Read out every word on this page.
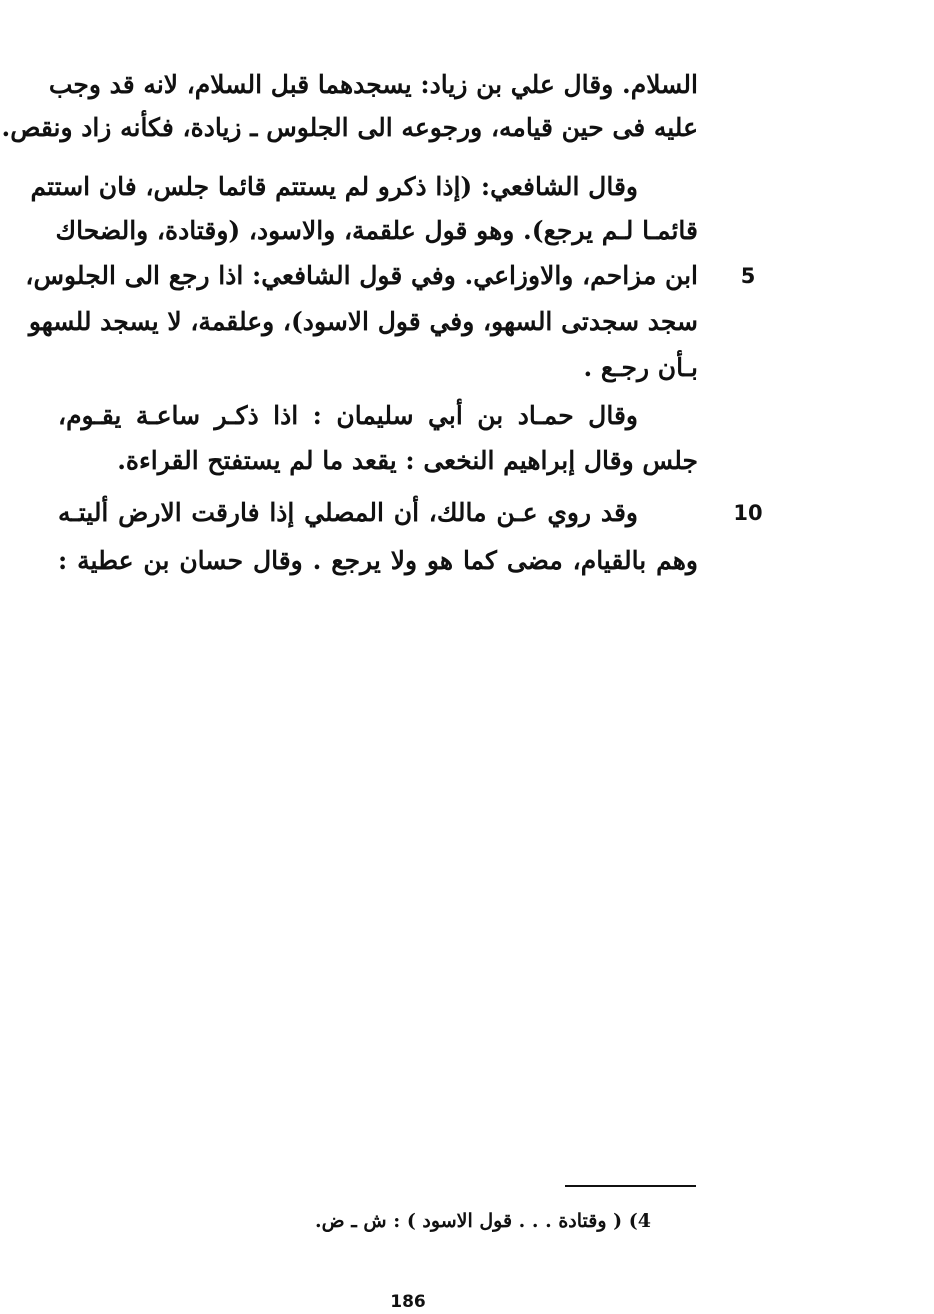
السلام. وقال علي بن زياد: يسجدهما قبل السلام، لانه قد وجب
عليه فى حين قيامه، ورجوعه الى الجلوس ـ زيادة، فكأنه زاد ونقص.
وقال الشافعي: (إذا ذكرو لم يستتم قائما جلس، فان استتم
قائمـا لـم يرجع). وهو قول علقمة، والاسود، (وقتادة، والضحاك
ابن مزاحم، والاوزاعي. وفي قول الشافعي: اذا رجع الى الجلوس،	5
سجد سجدتى السهو، وفي قول الاسود)، وعلقمة، لا يسجد للسهو
بـأن رجـع .
وقال حمـاد بن أبي سليمان : اذا ذكـر ساعـة يقـوم،
جلس وقال إبراهيم النخعى : يقعد ما لم يستفتح القراءة.
وقد روي عـن مالك، أن المصلي إذا فارقت الارض أليتـه	10
وهم بالقيام، مضى كما هو ولا يرجع . وقال حسان بن عطية :
4) ( وقتادة . . . قول الاسود ) : ش ـ ض.
186
